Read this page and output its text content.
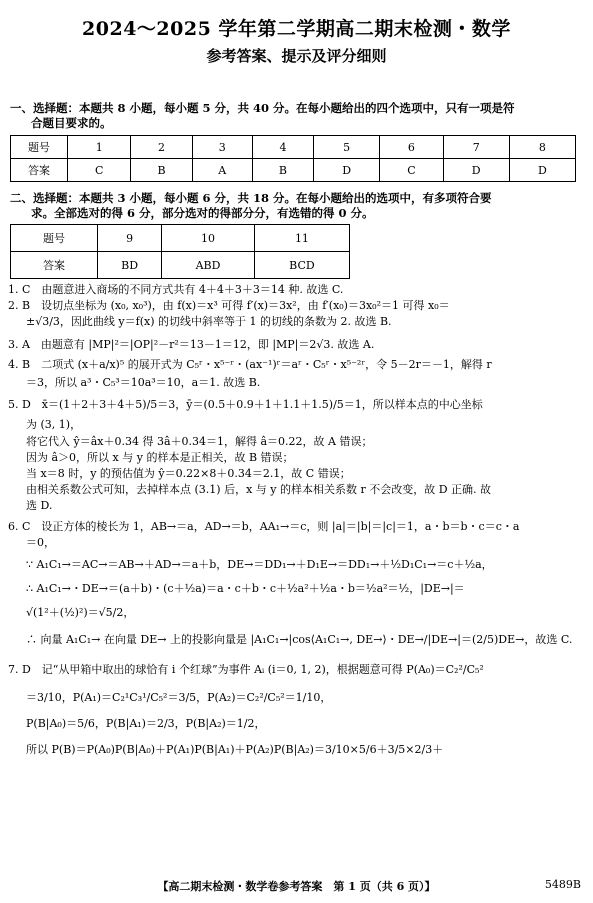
2024～2025 学年第二学期高二期末检测・数学
参考答案、提示及评分细则
一、选择题：本题共 8 小题，每小题 5 分，共 40 分。在每小题给出的四个选项中，只有一项是符
合题目要求的。
题号	1	2	3	4	5	6	7	8
答案	C	B	A	B	D	C	D	D
二、选择题：本题共 3 小题，每小题 6 分，共 18 分。在每小题给出的选项中，有多项符合要
求。全部选对的得 6 分，部分选对的得部分分，有选错的得 0 分。
题号	9	10	11
答案	BD	ABD	BCD

1. C　由题意进入商场的不同方式共有 4＋4＋3＋3＝14 种. 故选 C.

2. B　设切点坐标为 (x₀, x₀³)，由 f(x)＝x³ 可得 f′(x)＝3x²，由 f′(x₀)＝3x₀²＝1 可得 x₀＝

±√3/3，因此曲线 y＝f(x) 的切线中斜率等于 1 的切线的条数为 2. 故选 B.

3. A　由题意有 |MP|²＝|OP|²－r²＝13－1＝12，即 |MP|＝2√3. 故选 A.

4. B　二项式 (x＋a/x)⁵ 的展开式为 C₅ʳ・x⁵⁻ʳ・(ax⁻¹)ʳ＝aʳ・C₅ʳ・x⁵⁻²ʳ，令 5－2r＝－1，解得 r

＝3，所以 a³・C₅³＝10a³＝10，a＝1. 故选 B.

5. D　x̄＝(1＋2＋3＋4＋5)/5＝3，ȳ＝(0.5＋0.9＋1＋1.1＋1.5)/5＝1，所以样本点的中心坐标

为 (3, 1)，

将它代入 ŷ＝âx＋0.34 得 3â＋0.34＝1，解得 â＝0.22，故 A 错误；

因为 â＞0，所以 x 与 y 的样本是正相关，故 B 错误；

当 x＝8 时，y 的预估值为 ŷ＝0.22×8＋0.34＝2.1，故 C 错误；

由相关系数公式可知，去掉样本点 (3.1) 后，x 与 y 的样本相关系数 r 不会改变，故 D 正确. 故

选 D.

6. C　设正方体的棱长为 1，AB→＝a，AD→＝b，AA₁→＝c，则 |a|＝|b|＝|c|＝1，a・b＝b・c＝c・a

＝0，

∵ A₁C₁→＝AC→＝AB→＋AD→＝a＋b，DE→＝DD₁→＋D₁E→＝DD₁→＋½D₁C₁→＝c＋½a，

∴ A₁C₁→・DE→＝(a＋b)・(c＋½a)＝a・c＋b・c＋½a²＋½a・b＝½a²＝½，|DE→|＝

√(1²＋(½)²)＝√5/2，

∴ 向量 A₁C₁→ 在向量 DE→ 上的投影向量是 |A₁C₁→|cos⟨A₁C₁→, DE→⟩・DE→/|DE→|＝(2/5)DE→，故选 C.

7. D　记“从甲箱中取出的球恰有 i 个红球”为事件 Aᵢ (i＝0, 1, 2)，根据题意可得 P(A₀)＝C₂²/C₅²

＝3/10，P(A₁)＝C₂¹C₃¹/C₅²＝3/5，P(A₂)＝C₂²/C₅²＝1/10，

P(B|A₀)＝5/6，P(B|A₁)＝2/3，P(B|A₂)＝1/2，

所以 P(B)＝P(A₀)P(B|A₀)＋P(A₁)P(B|A₁)＋P(A₂)P(B|A₂)＝3/10×5/6＋3/5×2/3＋

【高二期末检测・数学卷参考答案　第 1 页（共 6 页）】	5489B
